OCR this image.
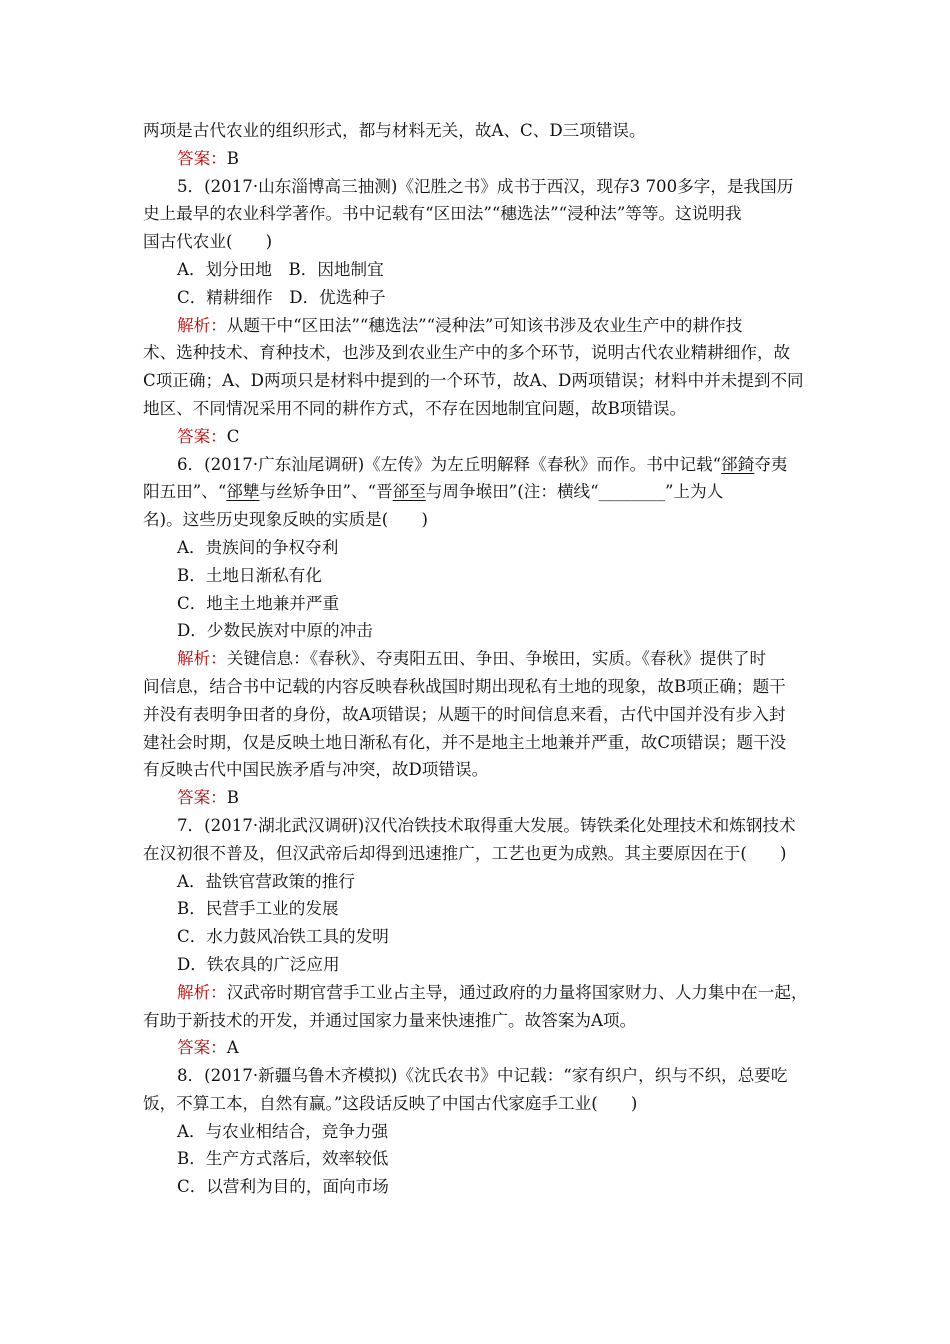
两项是古代农业的组织形式，都与材料无关，故A、C、D三项错误。
答案：B
5．(2017·山东淄博高三抽测)《氾胜之书》成书于西汉，现存3 700多字，是我国历
史上最早的农业科学著作。书中记载有“区田法”“穗选法”“浸种法”等等。这说明我
国古代农业(　　)
A．划分田地　B．因地制宜
C．精耕细作　D．优选种子
解析：从题干中“区田法”“穗选法”“浸种法”可知该书涉及农业生产中的耕作技
术、选种技术、育种技术，也涉及到农业生产中的多个环节，说明古代农业精耕细作，故
C项正确；A、D两项只是材料中提到的一个环节，故A、D两项错误；材料中并未提到不同
地区、不同情况采用不同的耕作方式，不存在因地制宜问题，故B项错误。
答案：C
6．(2017·广东汕尾调研)《左传》为左丘明解释《春秋》而作。书中记载“郤錡夺夷
阳五田”、“郤犨与丝矫争田”、“晋郤至与周争堠田”(注：横线“________”上为人
名)。这些历史现象反映的实质是(　　)
A．贵族间的争权夺利
B．土地日渐私有化
C．地主土地兼并严重
D．少数民族对中原的冲击
解析：关键信息：《春秋》、夺夷阳五田、争田、争堠田，实质。《春秋》提供了时
间信息，结合书中记载的内容反映春秋战国时期出现私有土地的现象，故B项正确；题干
并没有表明争田者的身份，故A项错误；从题干的时间信息来看，古代中国并没有步入封
建社会时期，仅是反映土地日渐私有化，并不是地主土地兼并严重，故C项错误；题干没
有反映古代中国民族矛盾与冲突，故D项错误。
答案：B
7．(2017·湖北武汉调研)汉代冶铁技术取得重大发展。铸铁柔化处理技术和炼钢技术
在汉初很不普及，但汉武帝后却得到迅速推广，工艺也更为成熟。其主要原因在于(　　)
A．盐铁官营政策的推行
B．民营手工业的发展
C．水力鼓风冶铁工具的发明
D．铁农具的广泛应用
解析：汉武帝时期官营手工业占主导，通过政府的力量将国家财力、人力集中在一起，
有助于新技术的开发，并通过国家力量来快速推广。故答案为A项。
答案：A
8．(2017·新疆乌鲁木齐模拟)《沈氏农书》中记载：“家有织户，织与不织，总要吃
饭，不算工本，自然有赢。”这段话反映了中国古代家庭手工业(　　)
A．与农业相结合，竞争力强
B．生产方式落后，效率较低
C．以营利为目的，面向市场
